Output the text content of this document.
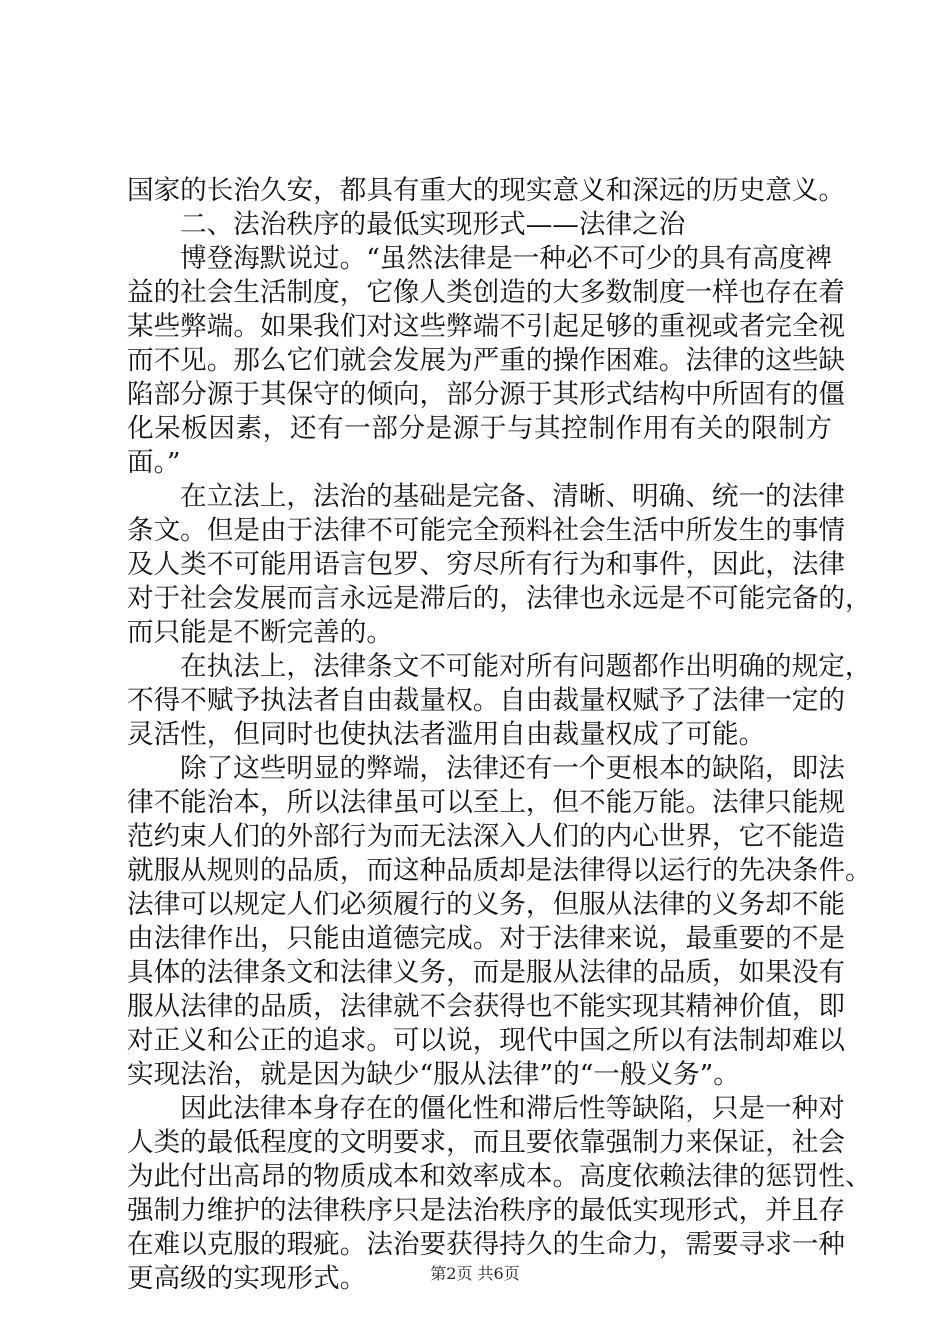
国家的长治久安，都具有重大的现实意义和深远的历史意义。
二、法治秩序的最低实现形式——法律之治
博登海默说过。“虽然法律是一种必不可少的具有高度裨
益的社会生活制度，它像人类创造的大多数制度一样也存在着
某些弊端。如果我们对这些弊端不引起足够的重视或者完全视
而不见。那么它们就会发展为严重的操作困难。法律的这些缺
陷部分源于其保守的倾向，部分源于其形式结构中所固有的僵
化呆板因素，还有一部分是源于与其控制作用有关的限制方
面。”
在立法上，法治的基础是完备、清晰、明确、统一的法律
条文。但是由于法律不可能完全预料社会生活中所发生的事情
及人类不可能用语言包罗、穷尽所有行为和事件，因此，法律
对于社会发展而言永远是滞后的，法律也永远是不可能完备的，
而只能是不断完善的。
在执法上，法律条文不可能对所有问题都作出明确的规定，
不得不赋予执法者自由裁量权。自由裁量权赋予了法律一定的
灵活性，但同时也使执法者滥用自由裁量权成了可能。
除了这些明显的弊端，法律还有一个更根本的缺陷，即法
律不能治本，所以法律虽可以至上，但不能万能。法律只能规
范约束人们的外部行为而无法深入人们的内心世界，它不能造
就服从规则的品质，而这种品质却是法律得以运行的先决条件。
法律可以规定人们必须履行的义务，但服从法律的义务却不能
由法律作出，只能由道德完成。对于法律来说，最重要的不是
具体的法律条文和法律义务，而是服从法律的品质，如果没有
服从法律的品质，法律就不会获得也不能实现其精神价值，即
对正义和公正的追求。可以说，现代中国之所以有法制却难以
实现法治，就是因为缺少“服从法律”的“一般义务”。
因此法律本身存在的僵化性和滞后性等缺陷，只是一种对
人类的最低程度的文明要求，而且要依靠强制力来保证，社会
为此付出高昂的物质成本和效率成本。高度依赖法律的惩罚性、
强制力维护的法律秩序只是法治秩序的最低实现形式，并且存
在难以克服的瑕疵。法治要获得持久的生命力，需要寻求一种
更高级的实现形式。	第2页 共6页
